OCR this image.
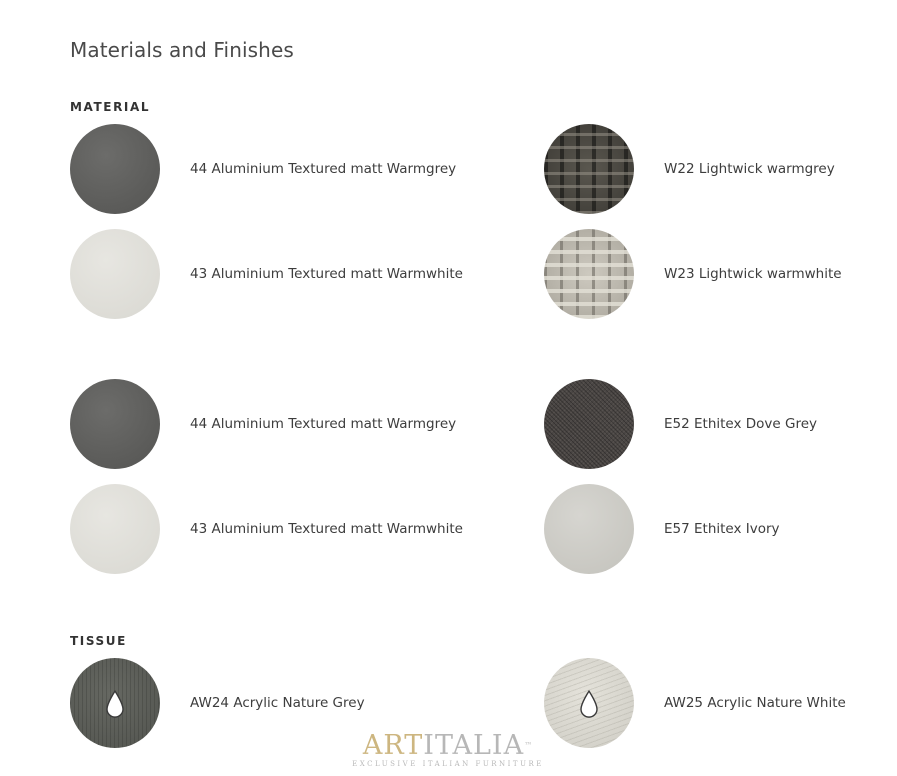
Materials and Finishes
MATERIAL
44 Aluminium Textured matt Warmgrey
43 Aluminium Textured matt Warmwhite
W22 Lightwick warmgrey
W23 Lightwick warmwhite
44 Aluminium Textured matt Warmgrey
43 Aluminium Textured matt Warmwhite
E52 Ethitex Dove Grey
E57 Ethitex Ivory
TISSUE
AW24 Acrylic Nature Grey	AW25 Acrylic Nature White
ARTITALIA™
EXCLUSIVE ITALIAN FURNITURE
